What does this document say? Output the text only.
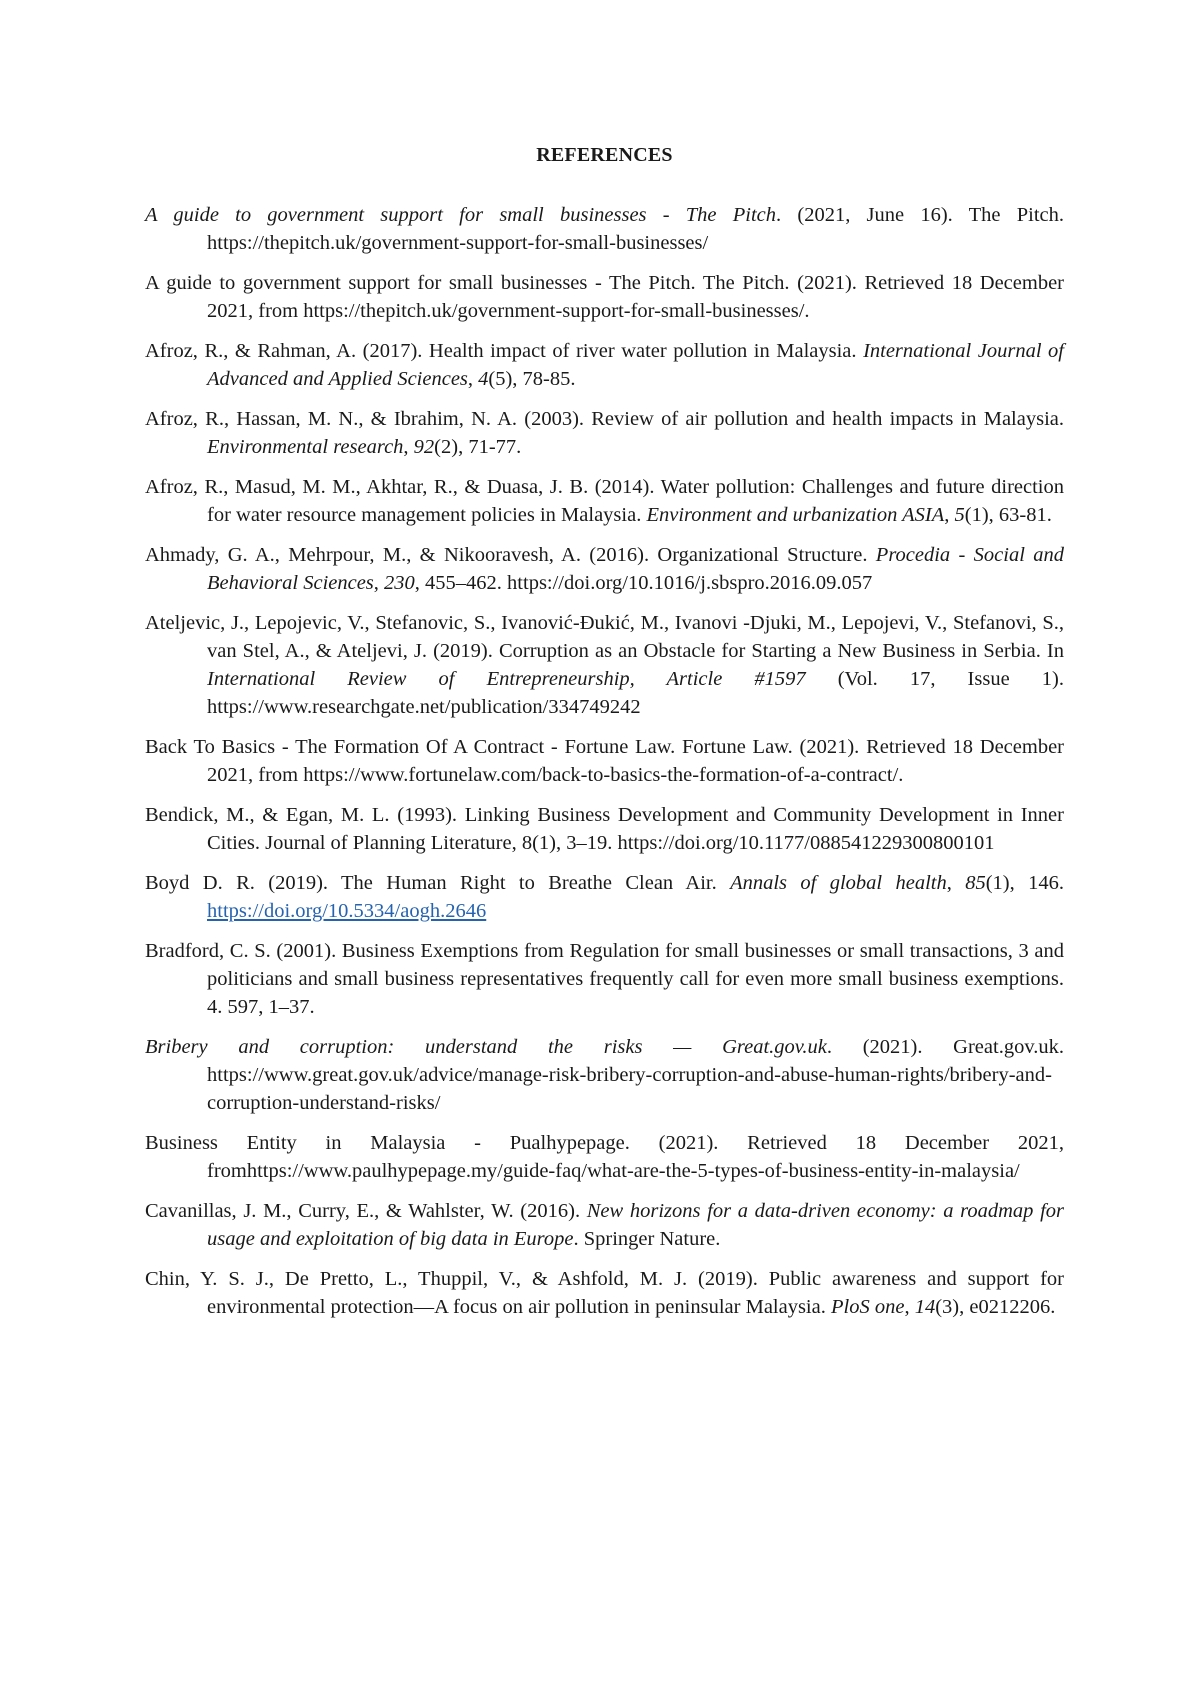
REFERENCES

A guide to government support for small businesses - The Pitch. (2021, June 16). The Pitch. https://thepitch.uk/government-support-for-small-businesses/

A guide to government support for small businesses - The Pitch. The Pitch. (2021). Retrieved 18 December 2021, from https://thepitch.uk/government-support-for-small-businesses/.

Afroz, R., & Rahman, A. (2017). Health impact of river water pollution in Malaysia. International Journal of Advanced and Applied Sciences, 4(5), 78-85.

Afroz, R., Hassan, M. N., & Ibrahim, N. A. (2003). Review of air pollution and health impacts in Malaysia. Environmental research, 92(2), 71-77.

Afroz, R., Masud, M. M., Akhtar, R., & Duasa, J. B. (2014). Water pollution: Challenges and future direction for water resource management policies in Malaysia. Environment and urbanization ASIA, 5(1), 63-81.

Ahmady, G. A., Mehrpour, M., & Nikooravesh, A. (2016). Organizational Structure. Procedia - Social and Behavioral Sciences, 230, 455–462. https://doi.org/10.1016/j.sbspro.2016.09.057

Ateljevic, J., Lepojevic, V., Stefanovic, S., Ivanović-Đukić, M., Ivanovi -Djuki, M., Lepojevi, V., Stefanovi, S., van Stel, A., & Ateljevi, J. (2019). Corruption as an Obstacle for Starting a New Business in Serbia. In International Review of Entrepreneurship, Article #1597 (Vol. 17, Issue 1). https://www.researchgate.net/publication/334749242

Back To Basics - The Formation Of A Contract - Fortune Law. Fortune Law. (2021). Retrieved 18 December 2021, from https://www.fortunelaw.com/back-to-basics-the-formation-of-a-contract/.

Bendick, M., & Egan, M. L. (1993). Linking Business Development and Community Development in Inner Cities. Journal of Planning Literature, 8(1), 3–19. https://doi.org/10.1177/088541229300800101

Boyd D. R. (2019). The Human Right to Breathe Clean Air. Annals of global health, 85(1), 146. https://doi.org/10.5334/aogh.2646

Bradford, C. S. (2001). Business Exemptions from Regulation for small businesses or small transactions, 3 and politicians and small business representatives frequently call for even more small business exemptions. 4. 597, 1–37.

Bribery and corruption: understand the risks — Great.gov.uk. (2021). Great.gov.uk. https://www.great.gov.uk/advice/manage-risk-bribery-corruption-and-abuse-human-rights/bribery-and-corruption-understand-risks/

Business Entity in Malaysia - Pualhypepage. (2021). Retrieved 18 December 2021, fromhttps://www.paulhypepage.my/guide-faq/what-are-the-5-types-of-business-entity-in-malaysia/

Cavanillas, J. M., Curry, E., & Wahlster, W. (2016). New horizons for a data-driven economy: a roadmap for usage and exploitation of big data in Europe. Springer Nature.

Chin, Y. S. J., De Pretto, L., Thuppil, V., & Ashfold, M. J. (2019). Public awareness and support for environmental protection—A focus on air pollution in peninsular Malaysia. PloS one, 14(3), e0212206.
